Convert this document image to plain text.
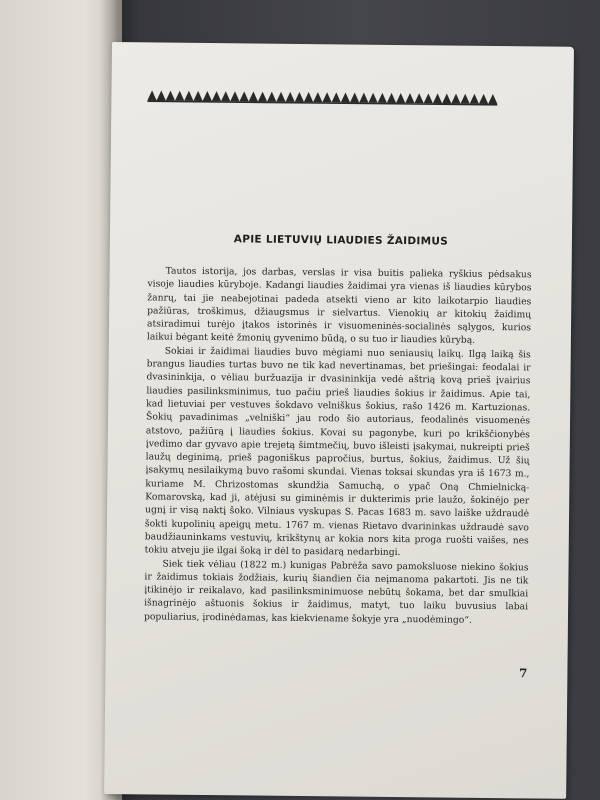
APIE LIETUVIŲ LIAUDIES ŽAIDIMUS

Tautos istorija, jos darbas, verslas ir visa buitis palieka ryškius pėdsakus visoje liaudies kūryboje. Kadangi liaudies žaidimai yra vienas iš liaudies kūrybos žanrų, tai jie neabejotinai padeda atsekti vieno ar kito laikotarpio liaudies pažiūras, troškimus, džiaugsmus ir sielvartus. Vienokių ar kitokių žaidimų atsiradimui turėjo įtakos istorinės ir visuomeninės-socialinės sąlygos, kurios laikui bėgant keitė žmonių gyvenimo būdą, o su tuo ir liaudies kūrybą.

Sokiai ir žaidimai liaudies buvo mėgiami nuo seniausių laikų. Ilgą laiką šis brangus liaudies turtas buvo ne tik kad nevertinamas, bet priešingai: feodalai ir dvasininkija, o vėliau buržuazija ir dvasininkija vedė aštrią kovą prieš įvairius liaudies pasilinksminimus, tuo pačiu prieš liaudies šokius ir žaidimus. Apie tai, kad lietuviai per vestuves šokdavo velniškus šokius, rašo 1426 m. Kartuzionas. Šokių pavadinimas „velniški“ jau rodo šio autoriaus, feodalinės visuomenės atstovo, pažiūrą į liaudies šokius. Kovai su pagonybe, kuri po krikščionybės įvedimo dar gyvavo apie trejetą šimtmečių, buvo išleisti įsakymai, nukreipti prieš laužų deginimą, prieš pagoniškus papročius, burtus, šokius, žaidimus. Už šių įsakymų nesilaikymą buvo rašomi skundai. Vienas toksai skundas yra iš 1673 m., kuriame M. Chrizostomas skundžia Samuchą, o ypač Oną Chmielnicką-Komarovską, kad ji, atėjusi su giminėmis ir dukterimis prie laužo, šokinėjo per ugnį ir visą naktį šoko. Vilniaus vyskupas S. Pacas 1683 m. savo laiške uždraudė šokti kupolinių apeigų metu. 1767 m. vienas Rietavo dvarininkas uždraudė savo baudžiauninkams vestuvių, krikštynų ar kokia nors kita proga ruošti vaišes, nes tokiu atveju jie ilgai šoką ir dėl to pasidarą nedarbingi.

Siek tiek vėliau (1822 m.) kunigas Pabrėža savo pamoksluose niekino šokius ir žaidimus tokiais žodžiais, kurių šiandien čia neįmanoma pakartoti. Jis ne tik įtikinėjo ir reikalavo, kad pasilinksminimuose nebūtų šokama, bet dar smulkiai išnagrinėjo aštuonis šokius ir žaidimus, matyt, tuo laiku buvusius labai populiarius, įrodinėdamas, kas kiekviename šokyje yra „nuodėmingo“.

7
